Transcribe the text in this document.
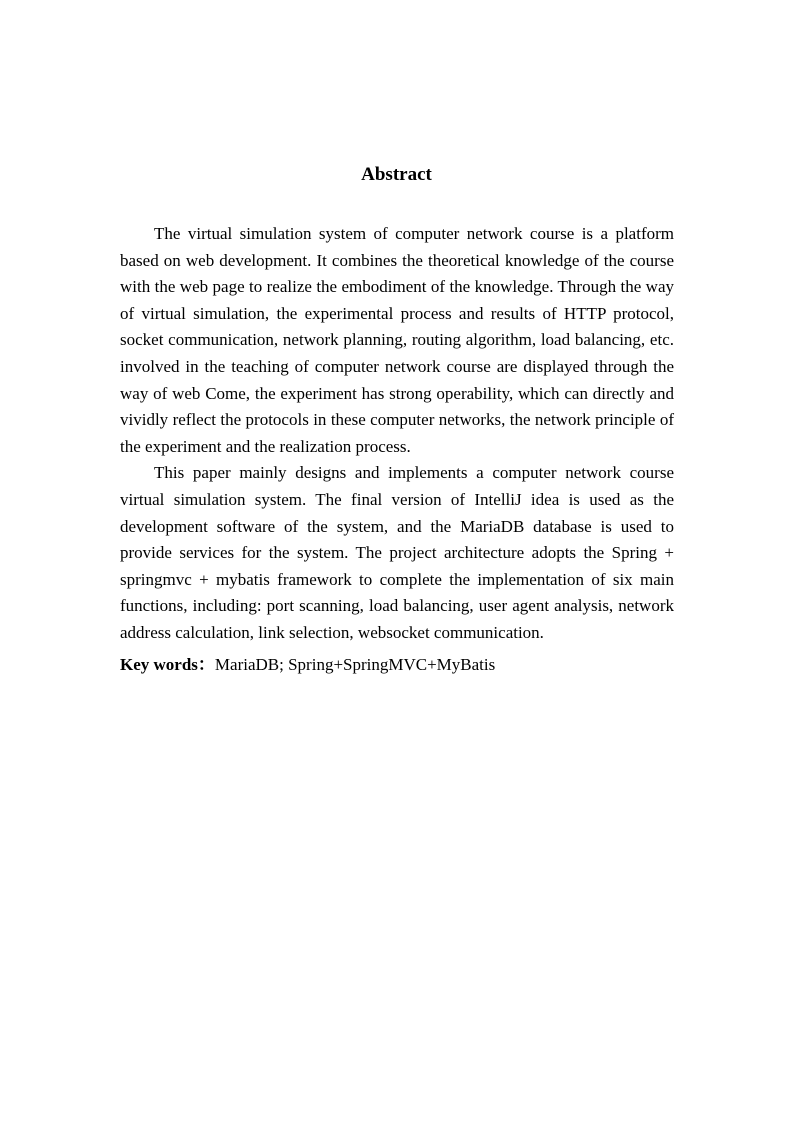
Abstract

The virtual simulation system of computer network course is a platform based on web development. It combines the theoretical knowledge of the course with the web page to realize the embodiment of the knowledge. Through the way of virtual simulation, the experimental process and results of HTTP protocol, socket communication, network planning, routing algorithm, load balancing, etc. involved in the teaching of computer network course are displayed through the way of web Come, the experiment has strong operability, which can directly and vividly reflect the protocols in these computer networks, the network principle of the experiment and the realization process.

This paper mainly designs and implements a computer network course virtual simulation system. The final version of IntelliJ idea is used as the development software of the system, and the MariaDB database is used to provide services for the system. The project architecture adopts the Spring + springmvc + mybatis framework to complete the implementation of six main functions, including: port scanning, load balancing, user agent analysis, network address calculation, link selection, websocket communication.

Key words：MariaDB; Spring+SpringMVC+MyBatis
